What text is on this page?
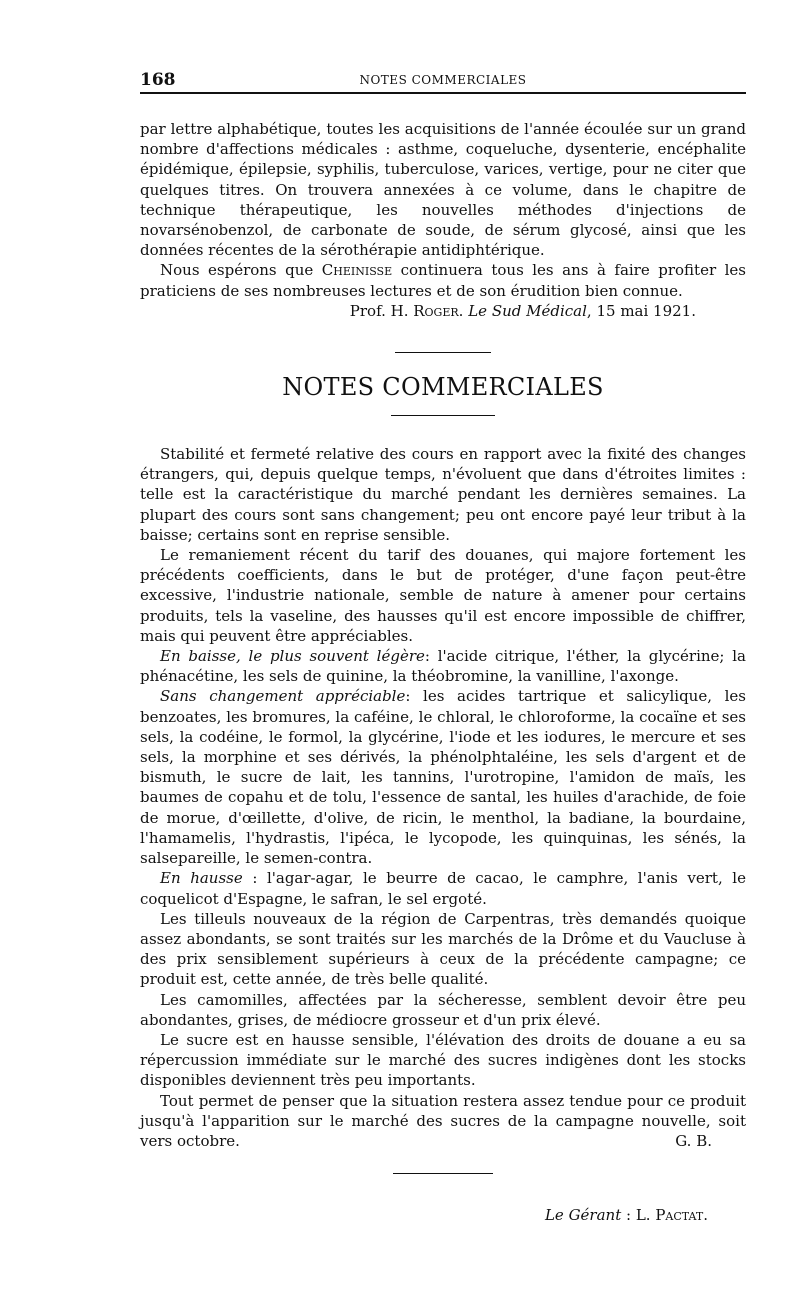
168	NOTES COMMERCIALES

par lettre alphabétique, toutes les acquisitions de l'année écoulée sur un grand nombre d'affections médicales : asthme, coqueluche, dysenterie, encéphalite épidémique, épilepsie, syphilis, tuberculose, varices, vertige, pour ne citer que quelques titres. On trouvera annexées à ce volume, dans le chapitre de technique thérapeutique, les nouvelles méthodes d'injections de novarsénobenzol, de carbonate de soude, de sérum glycosé, ainsi que les données récentes de la sérothérapie antidiphtérique.

Nous espérons que Cheinisse continuera tous les ans à faire profiter les praticiens de ses nombreuses lectures et de son érudition bien connue.

Prof. H. Roger. Le Sud Médical, 15 mai 1921.

NOTES COMMERCIALES

Stabilité et fermeté relative des cours en rapport avec la fixité des changes étrangers, qui, depuis quelque temps, n'évoluent que dans d'étroites limites : telle est la caractéristique du marché pendant les dernières semaines. La plupart des cours sont sans changement; peu ont encore payé leur tribut à la baisse; certains sont en reprise sensible.

Le remaniement récent du tarif des douanes, qui majore fortement les précédents coefficients, dans le but de protéger, d'une façon peut-être excessive, l'industrie nationale, semble de nature à amener pour certains produits, tels la vaseline, des hausses qu'il est encore impossible de chiffrer, mais qui peuvent être appréciables.

En baisse, le plus souvent légère: l'acide citrique, l'éther, la glycérine; la phénacétine, les sels de quinine, la théobromine, la vanilline, l'axonge.

Sans changement appréciable: les acides tartrique et salicylique, les benzoates, les bromures, la caféine, le chloral, le chloroforme, la cocaïne et ses sels, la codéine, le formol, la glycérine, l'iode et les iodures, le mercure et ses sels, la morphine et ses dérivés, la phénolphtaléine, les sels d'argent et de bismuth, le sucre de lait, les tannins, l'urotropine, l'amidon de maïs, les baumes de copahu et de tolu, l'essence de santal, les huiles d'arachide, de foie de morue, d'œillette, d'olive, de ricin, le menthol, la badiane, la bourdaine, l'hamamelis, l'hydrastis, l'ipéca, le lycopode, les quinquinas, les sénés, la salsepareille, le semen-contra.

En hausse : l'agar-agar, le beurre de cacao, le camphre, l'anis vert, le coquelicot d'Espagne, le safran, le sel ergoté.

Les tilleuls nouveaux de la région de Carpentras, très demandés quoique assez abondants, se sont traités sur les marchés de la Drôme et du Vaucluse à des prix sensiblement supérieurs à ceux de la précédente campagne; ce produit est, cette année, de très belle qualité.

Les camomilles, affectées par la sécheresse, semblent devoir être peu abondantes, grises, de médiocre grosseur et d'un prix élevé.

Le sucre est en hausse sensible, l'élévation des droits de douane a eu sa répercussion immédiate sur le marché des sucres indigènes dont les stocks disponibles deviennent très peu importants.

Tout permet de penser que la situation restera assez tendue pour ce produit jusqu'à l'apparition sur le marché des sucres de la campagne nouvelle, soit vers octobre.	G. B.

Le Gérant : L. Pactat.
